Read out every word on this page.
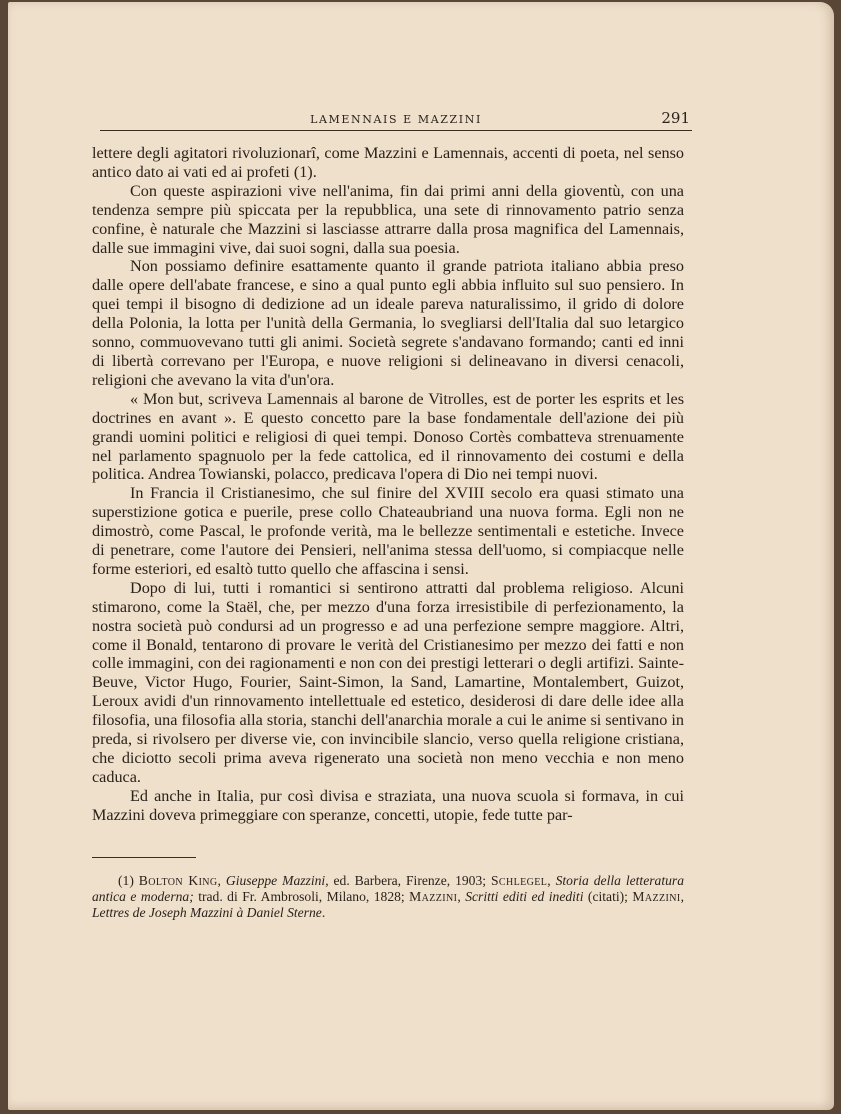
LAMENNAIS E MAZZINI	291

lettere degli agitatori rivoluzionarî, come Mazzini e Lamennais, accenti di poeta, nel senso antico dato ai vati ed ai profeti (1).

Con queste aspirazioni vive nell'anima, fin dai primi anni della gioventù, con una tendenza sempre più spiccata per la repubblica, una sete di rinnovamento patrio senza confine, è naturale che Mazzini si lasciasse attrarre dalla prosa magnifica del Lamennais, dalle sue immagini vive, dai suoi sogni, dalla sua poesia.

Non possiamo definire esattamente quanto il grande patriota italiano abbia preso dalle opere dell'abate francese, e sino a qual punto egli abbia influito sul suo pensiero. In quei tempi il bisogno di dedizione ad un ideale pareva naturalissimo, il grido di dolore della Polonia, la lotta per l'unità della Germania, lo svegliarsi dell'Italia dal suo letargico sonno, commuovevano tutti gli animi. Società segrete s'andavano formando; canti ed inni di libertà correvano per l'Europa, e nuove religioni si delineavano in diversi cenacoli, religioni che avevano la vita d'un'ora.

« Mon but, scriveva Lamennais al barone de Vitrolles, est de porter les esprits et les doctrines en avant ». E questo concetto pare la base fondamentale dell'azione dei più grandi uomini politici e religiosi di quei tempi. Donoso Cortès combatteva strenuamente nel parlamento spagnuolo per la fede cattolica, ed il rinnovamento dei costumi e della politica. Andrea Towianski, polacco, predicava l'opera di Dio nei tempi nuovi.

In Francia il Cristianesimo, che sul finire del XVIII secolo era quasi stimato una superstizione gotica e puerile, prese collo Chateaubriand una nuova forma. Egli non ne dimostrò, come Pascal, le profonde verità, ma le bellezze sentimentali e estetiche. Invece di penetrare, come l'autore dei Pensieri, nell'anima stessa dell'uomo, si compiacque nelle forme esteriori, ed esaltò tutto quello che affascina i sensi.

Dopo di lui, tutti i romantici si sentirono attratti dal problema religioso. Alcuni stimarono, come la Staël, che, per mezzo d'una forza irresistibile di perfezionamento, la nostra società può condursi ad un progresso e ad una perfezione sempre maggiore. Altri, come il Bonald, tentarono di provare le verità del Cristianesimo per mezzo dei fatti e non colle immagini, con dei ragionamenti e non con dei prestigi letterari o degli artifizi. Sainte-Beuve, Victor Hugo, Fourier, Saint-Simon, la Sand, Lamartine, Montalembert, Guizot, Leroux avidi d'un rinnovamento intellettuale ed estetico, desiderosi di dare delle idee alla filosofia, una filosofia alla storia, stanchi dell'anarchia morale a cui le anime si sentivano in preda, si rivolsero per diverse vie, con invincibile slancio, verso quella religione cristiana, che diciotto secoli prima aveva rigenerato una società non meno vecchia e non meno caduca.

Ed anche in Italia, pur così divisa e straziata, una nuova scuola si formava, in cui Mazzini doveva primeggiare con speranze, concetti, utopie, fede tutte par-

(1) Bolton King, Giuseppe Mazzini, ed. Barbera, Firenze, 1903; Schlegel, Storia della letteratura antica e moderna; trad. di Fr. Ambrosoli, Milano, 1828; Mazzini, Scritti editi ed inediti (citati); Mazzini, Lettres de Joseph Mazzini à Daniel Sterne.
